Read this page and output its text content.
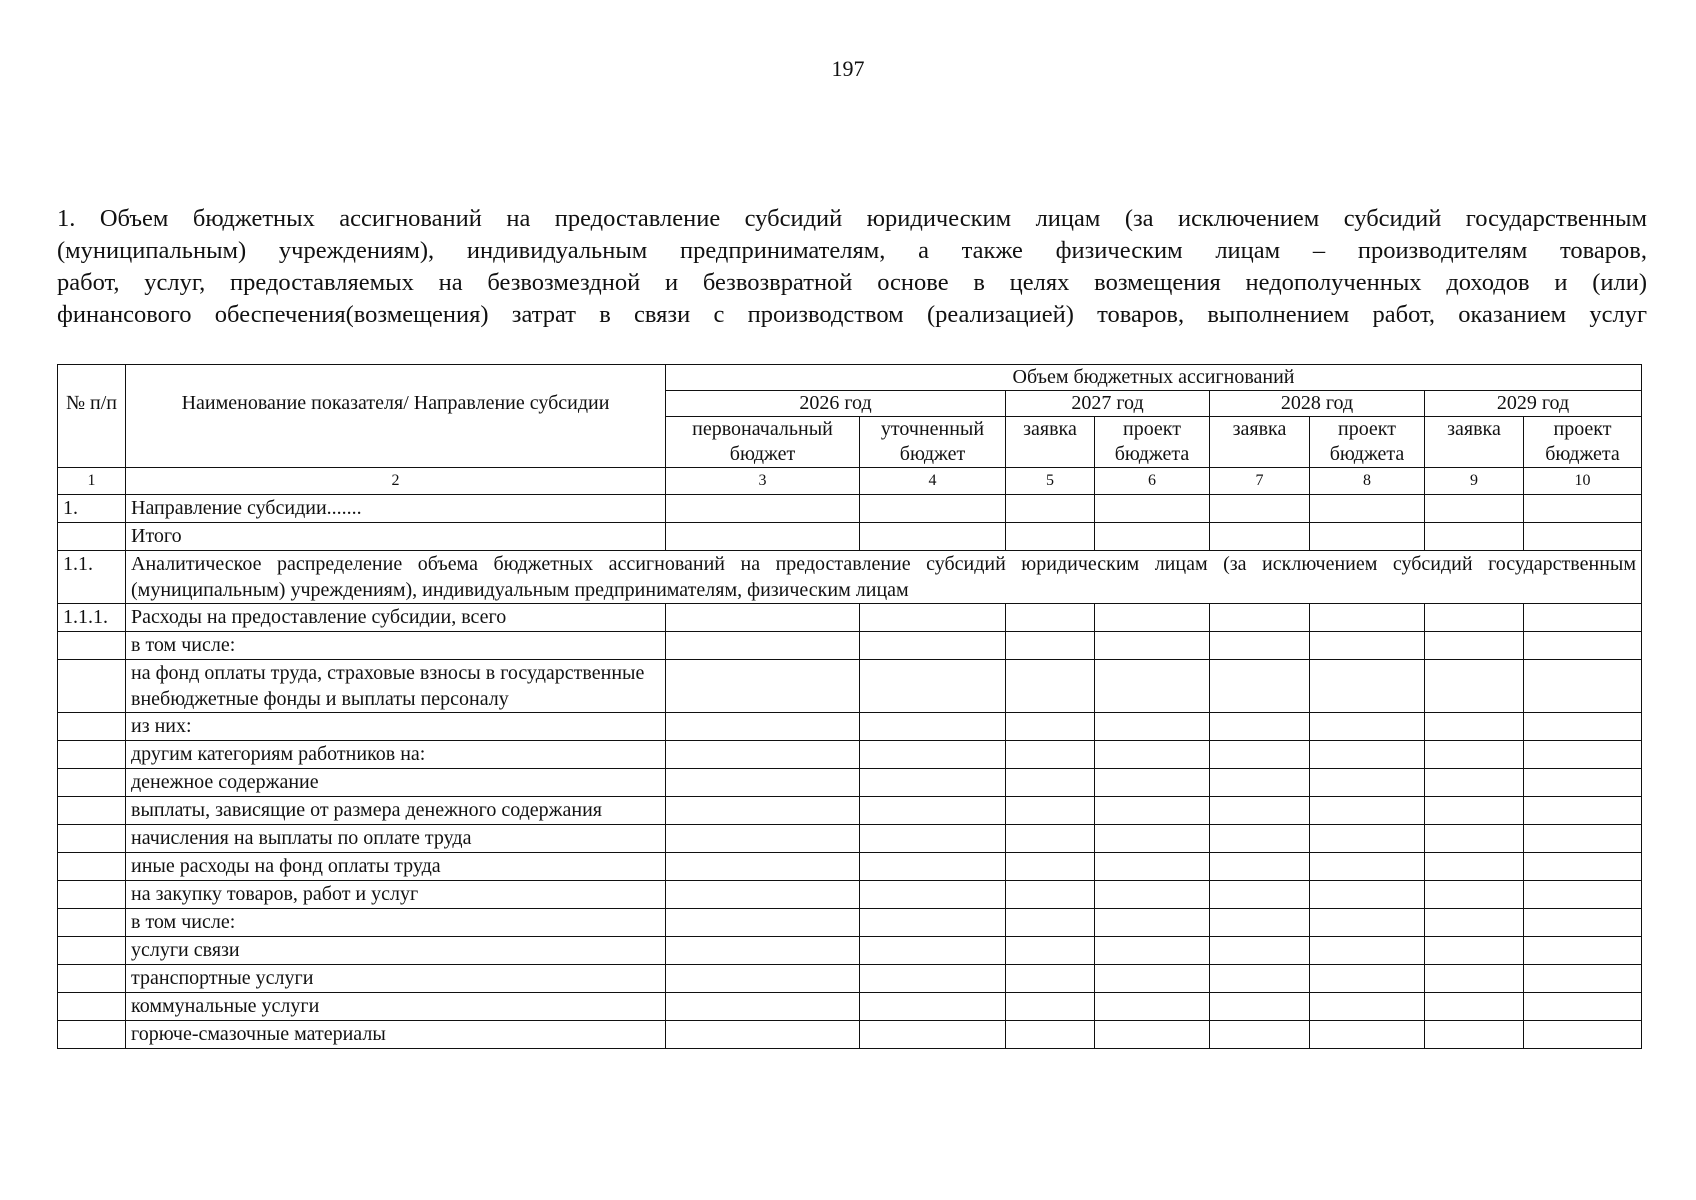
197
1. Объем бюджетных ассигнований на предоставление субсидий юридическим лицам (за исключением субсидий государственным
(муниципальным) учреждениям), индивидуальным предпринимателям, а также физическим лицам – производителям товаров,
работ, услуг, предоставляемых на безвозмездной и безвозвратной основе в целях возмещения недополученных доходов и (или)
финансового обеспечения(возмещения) затрат в связи с производством (реализацией) товаров, выполнением работ, оказанием услуг
№ п/п	Наименование показателя/ Направление субсидии	Объем бюджетных ассигнований							
		2026 год		2027 год		2028 год		2029 год	
		первоначальный бюджет	уточненный бюджет	заявка	проект бюджета	заявка	проект бюджета	заявка	проект бюджета
1	2	3	4	5	6	7	8	9	10
1.	Направление субсидии.......								
	Итого								
1.1.	Аналитическое распределение объема бюджетных ассигнований на предоставление субсидий юридическим лицам (за исключением субсидий государственным (муниципальным) учреждениям), индивидуальным предпринимателям, физическим лицам								
1.1.1.	Расходы на предоставление субсидии, всего								
	в том числе:								
	на фонд оплаты труда, страховые взносы в государственные внебюджетные фонды и выплаты персоналу								
	из них:								
	другим категориям работников на:								
	денежное содержание								
	выплаты, зависящие от размера денежного содержания								
	начисления на выплаты по оплате труда								
	иные расходы на фонд оплаты труда								
	на закупку товаров, работ и услуг								
	в том числе:								
	услуги связи								
	транспортные услуги								
	коммунальные услуги								
	горюче-смазочные материалы								
